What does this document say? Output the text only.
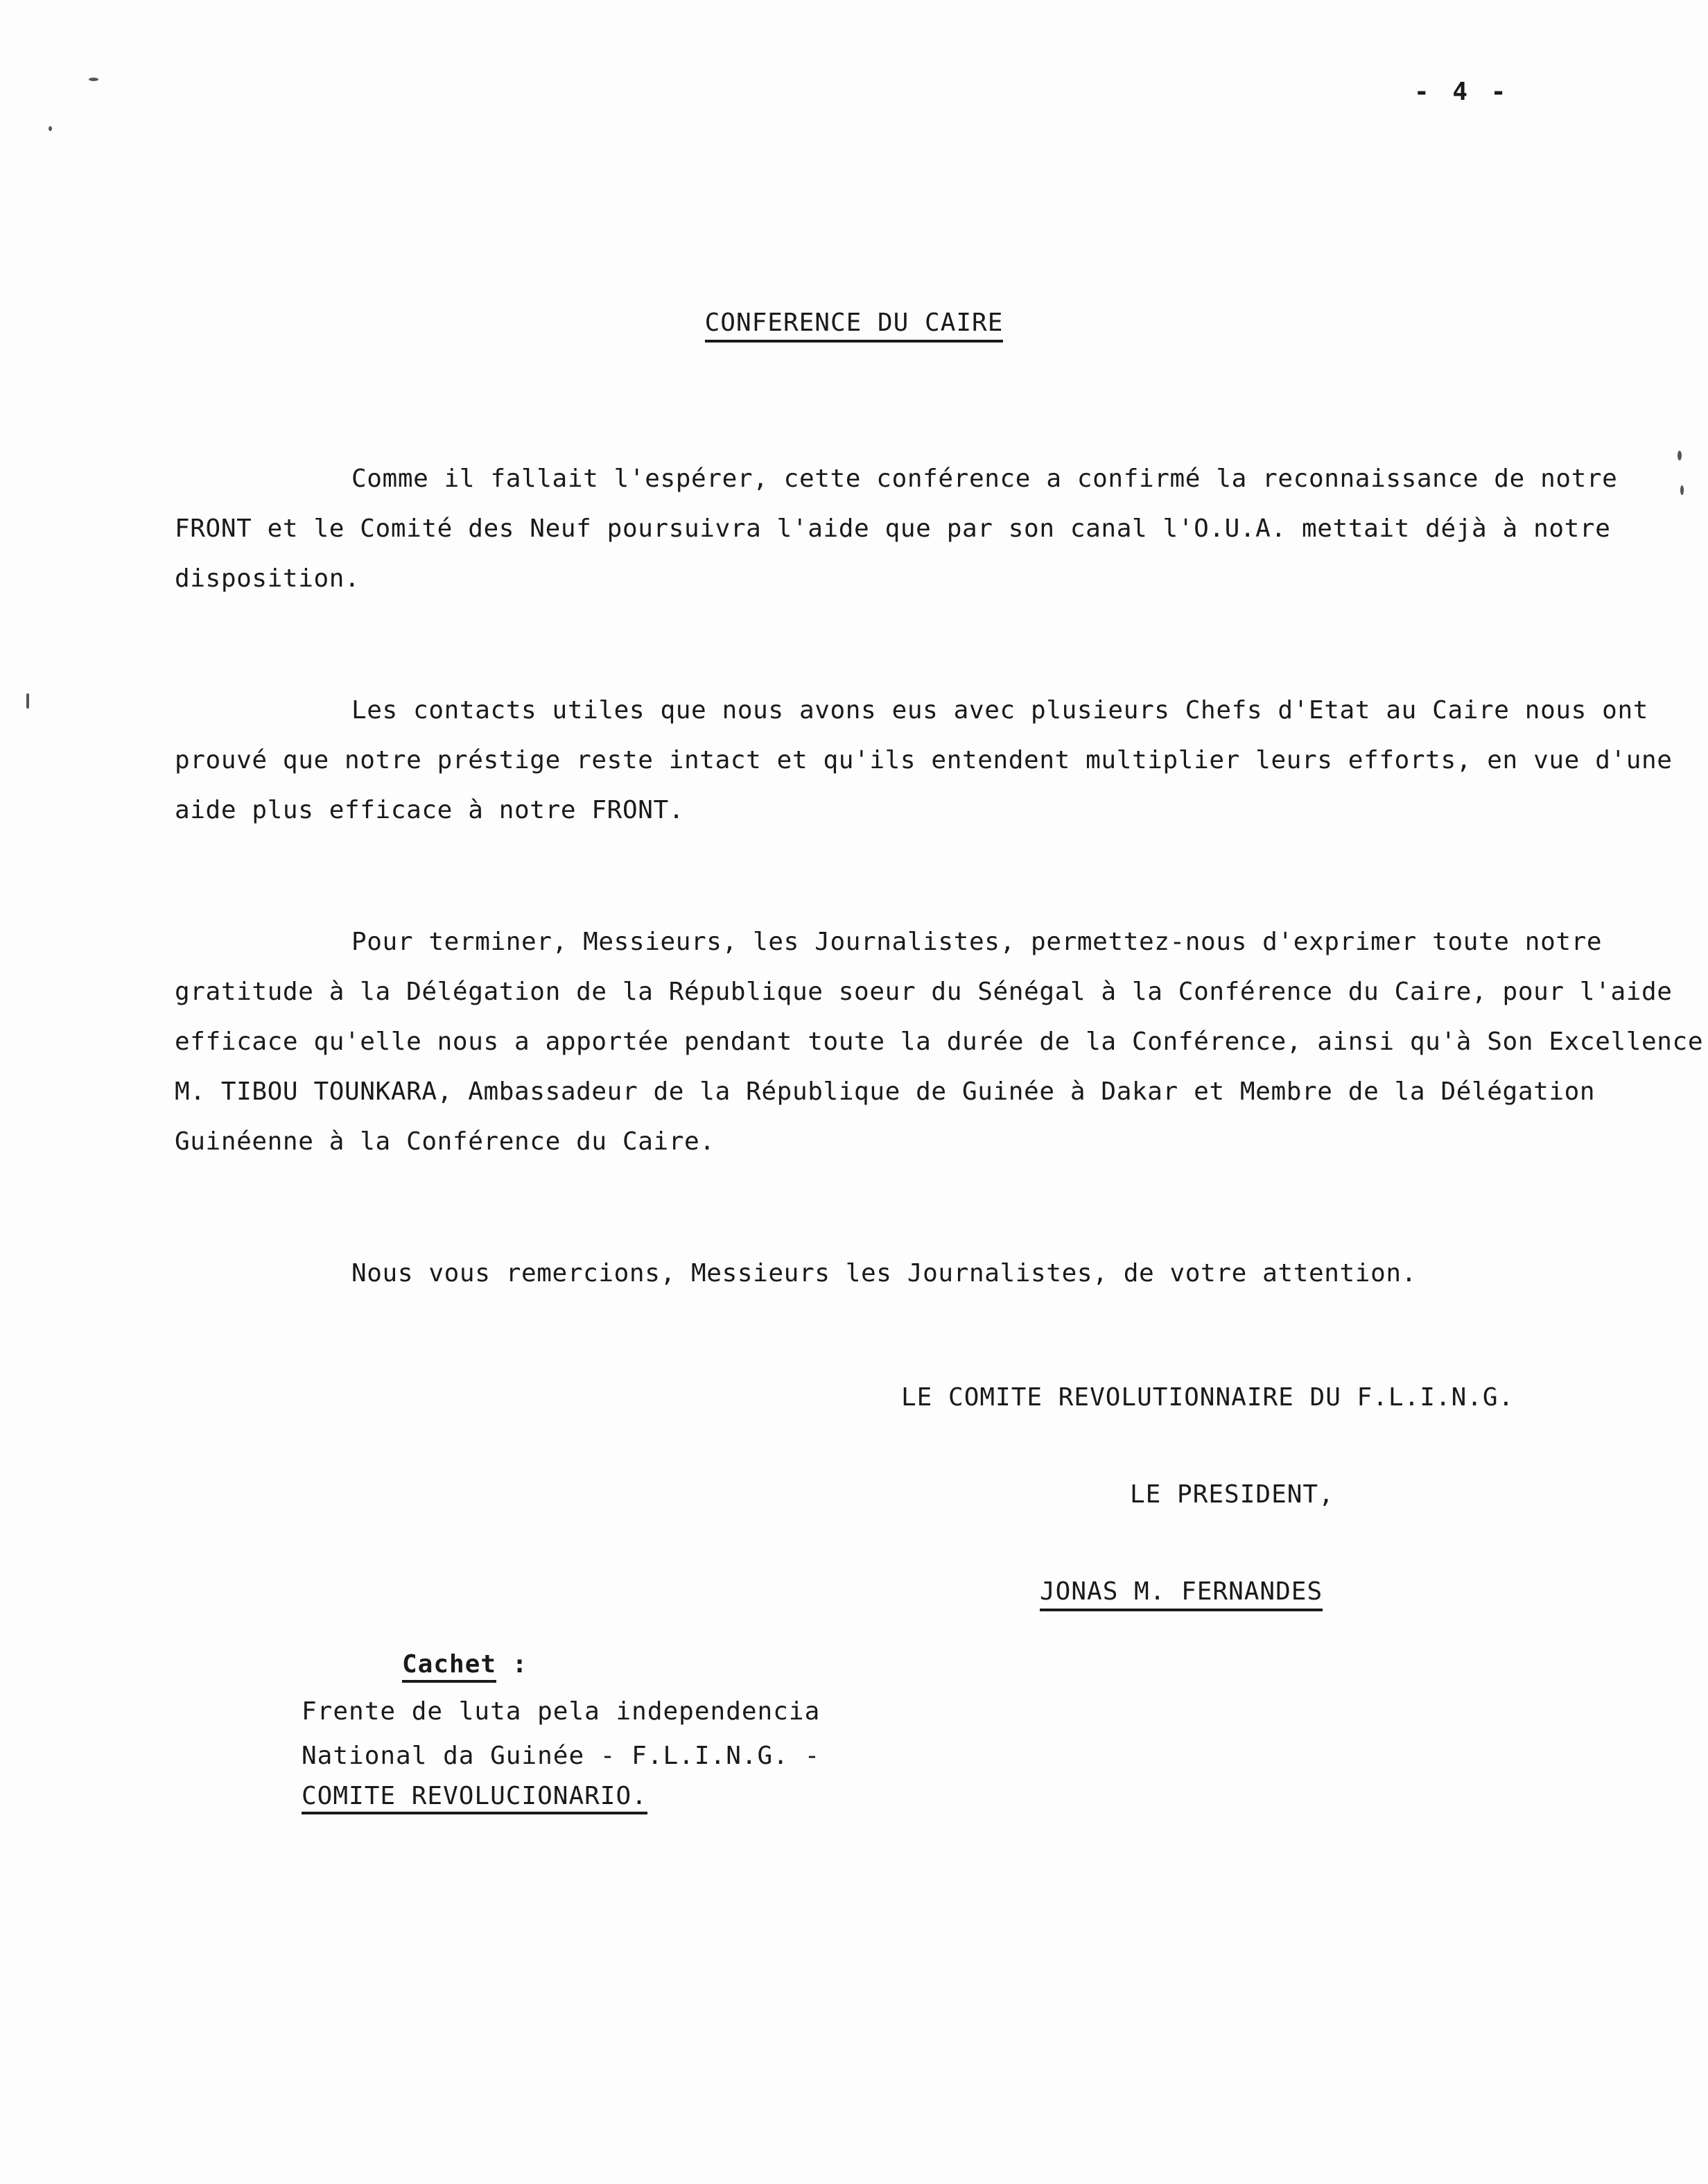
- 4 -
CONFERENCE DU CAIRE

Comme il fallait l'espérer, cette conférence a confirmé la reconnaissance de notre FRONT et le Comité des Neuf poursuivra l'aide que par son canal l'O.U.A. mettait déjà à notre disposition.

Les contacts utiles que nous avons eus avec plusieurs Chefs d'Etat au Caire nous ont prouvé que notre préstige reste intact et qu'ils entendent multiplier leurs efforts, en vue d'une aide plus efficace à notre FRONT.

Pour terminer, Messieurs, les Journalistes, permettez-nous d'exprimer toute notre gratitude à la Délégation de la République soeur du Sénégal à la Conférence du Caire, pour l'aide efficace qu'elle nous a apportée pendant toute la durée de la Conférence, ainsi qu'à Son Excellence M. TIBOU TOUNKARA, Ambassadeur de la République de Guinée à Dakar et Membre de la Délégation Guinéenne à la Conférence du Caire.

Nous vous remercions, Messieurs les Journalistes, de votre attention.

LE COMITE REVOLUTIONNAIRE DU F.L.I.N.G.
LE PRESIDENT,
JONAS M. FERNANDES
Cachet :
Frente de luta pela independencia
National da Guinée - F.L.I.N.G. -
COMITE REVOLUCIONARIO.
